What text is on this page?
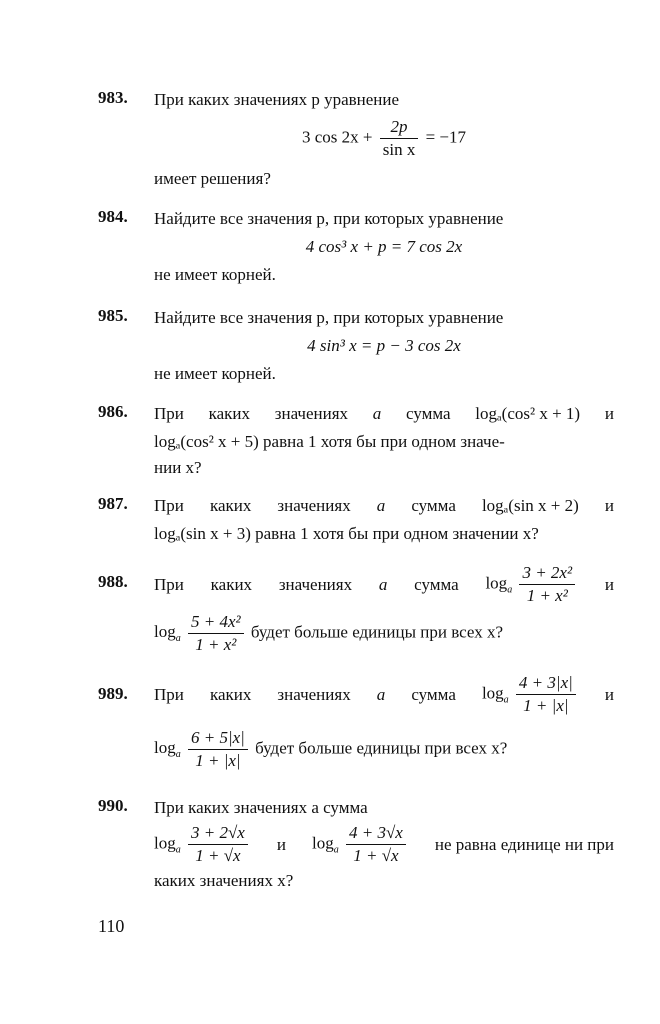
983. При каких значениях p уравнение
3 $\cos 2x + \frac{2p}{\text{sin x}} = -17$
имеет решения?
984. Найдите все значения p, при которых уравнение
4 cos³ x + p = 7 cos 2x
не имеет корней.
985. Найдите все значения p, при которых уравнение
4 sin³ x = p − 3 cos 2x
не имеет корней.
986. При каких значениях a сумма logₐ(cos² x + 1) и
logₐ(cos² x + 5) равна 1 хотя бы при одном значе-
нии x?
987. При каких значениях a сумма logₐ(sin x + 2) и
logₐ(sin x + 3) равна 1 хотя бы при одном значении x?
988. При каких значениях a сумма $\log_a \frac{\text{3 + 2x²}}{\text{1 + x²}}$ и
$\log_a \frac{\text{5 + 4x²}}{\text{1 + x²}}$ будет больше единицы при всех x?
989. При каких значениях a сумма $\log_a \frac{4 + 3|x|}{1 + |x|}$ и
$\log_a \frac{6 + 5|x|}{1 + |x|}$ будет больше единицы при всех x?
990. При каких значениях a сумма
$\log_a \frac{3 + 2√x}{1 + √x}$ и $\log_a \frac{4 + 3√x}{1 + √x}$ не равна единице ни при
каких значениях x?
110
